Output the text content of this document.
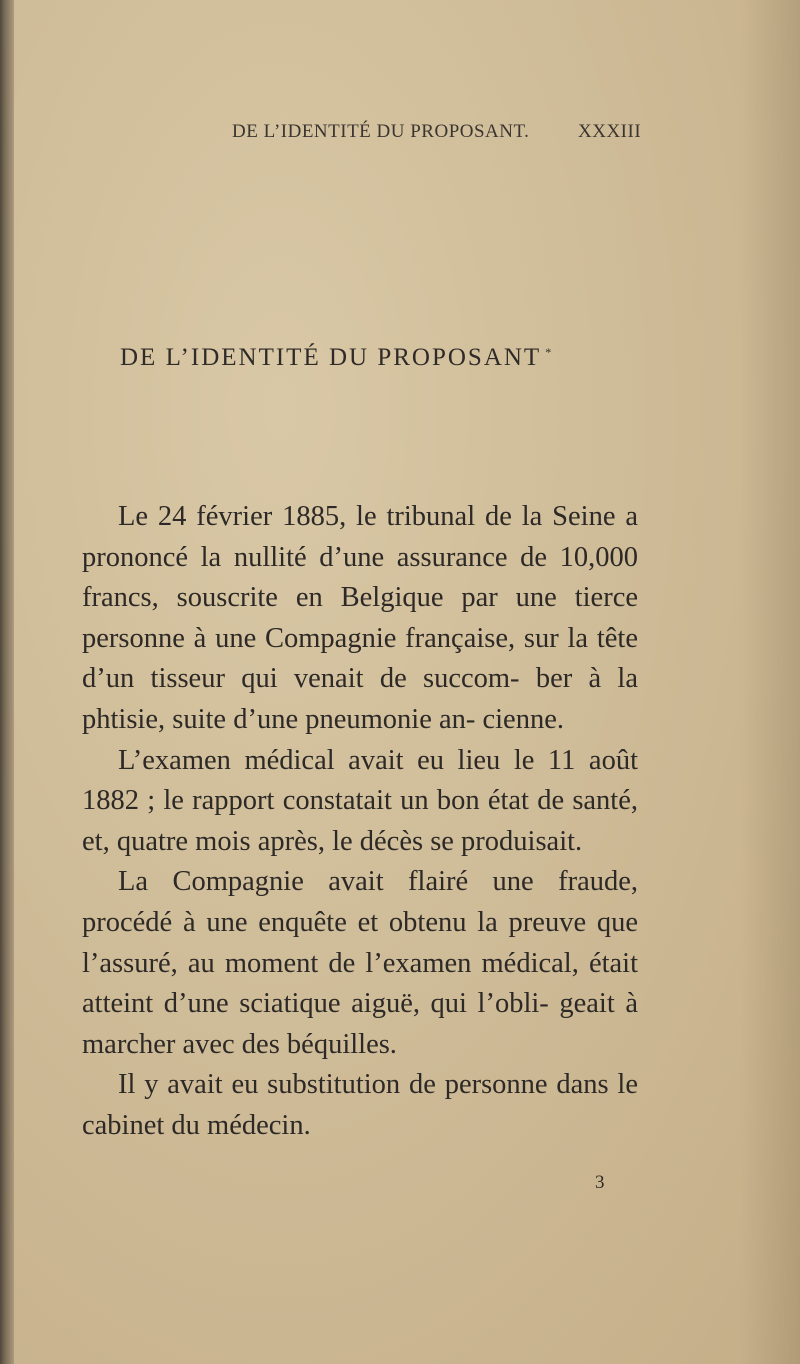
DE L’IDENTITÉ DU PROPOSANT.	XXXIII
DE L’IDENTITÉ DU PROPOSANT *

Le 24 février 1885, le tribunal de la Seine a prononcé la nullité d’une assurance de 10,000 francs, souscrite en Belgique par une tierce personne à une Compagnie française, sur la tête d’un tisseur qui venait de succom- ber à la phtisie, suite d’une pneumonie an- cienne.

L’examen médical avait eu lieu le 11 août 1882 ; le rapport constatait un bon état de santé, et, quatre mois après, le décès se produisait.

La Compagnie avait flairé une fraude, procédé à une enquête et obtenu la preuve que l’assuré, au moment de l’examen médical, était atteint d’une sciatique aiguë, qui l’obli- geait à marcher avec des béquilles.

Il y avait eu substitution de personne dans le cabinet du médecin.

3
